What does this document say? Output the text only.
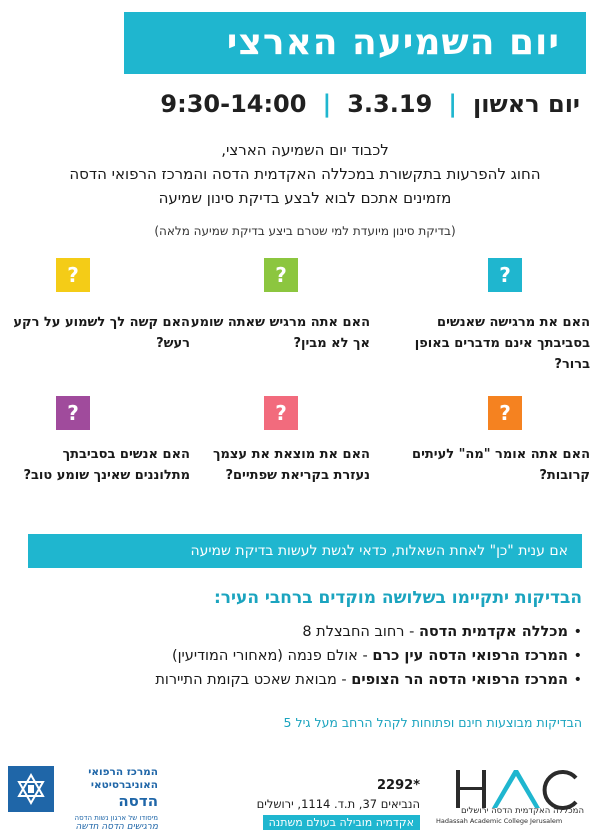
יום השמיעה הארצי
יום ראשון
|
3.3.19
|
9:30-14:00
לכבוד יום השמיעה הארצי,
החוג להפרעות בתקשורת במכללה האקדמית הדסה והמרכז הרפואי הדסה
מזמינים אתכם לבוא לבצע בדיקת סינון שמיעה
(בדיקת סינון מיועדת למי שטרם ביצע בדיקת שמיעה מלאה)
?
האם את מרגישה שאנשים בסביבתך אינם מדברים באופן ברור?
?
האם אתה מרגיש שאתה שומע אך לא מבין?
?
האם קשה לך לשמוע על רקע רעש?
?
האם אתה אומר "מה" לעיתים קרובות?
?
האם את מוצאת את עצמך נעזרת בקריאת שפתיים?
?
האם אנשים בסביבתך מתלוננים שאינך שומע טוב?
אם ענית "כן" לאחת השאלות, כדאי לגשת לעשות בדיקת שמיעה
הבדיקות יתקיימו בשלושה מוקדים ברחבי העיר:
• מכללה אקדמית הדסה - רחוב החבצלת 8
• המרכז הרפואי הדסה עין כרם - אולם פנמה (מאחורי המודיעין)
• המרכז הרפואי הדסה הר הצופים - מבואת שאכט בקומת התיירות
הבדיקות מבוצעות חינם ופתוחות לקהל הרחב מעל גיל 5
המכללה האקדמית הדסה ירושלים
Hadassah Academic College Jerusalem
*2292
הנביאים 37, ת.ד. 1114, ירושלים
אקדמיה מובילה בעולם משתנה
המרכז הרפואי
האוניברסיטאי
הדסה
מיסודו של ארגון נשות הדסה
מרגישים הדסה חדשה
